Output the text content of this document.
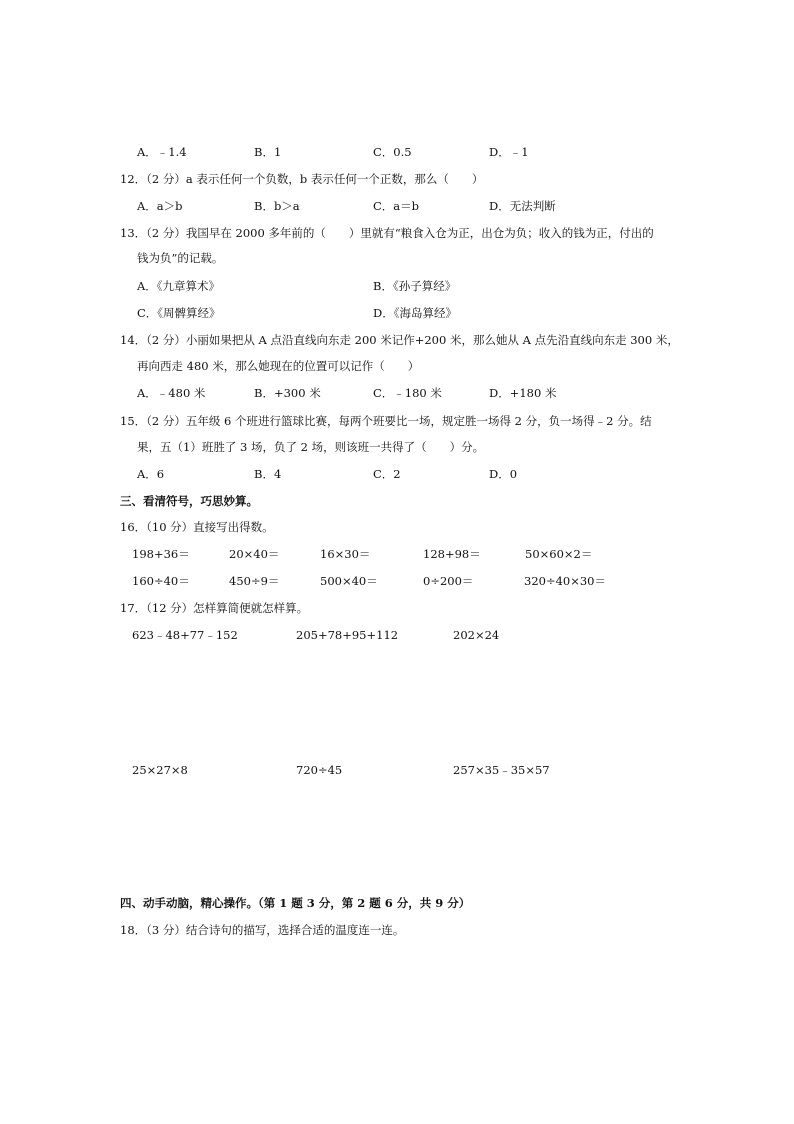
A．﹣1.4	B．1	C．0.5	D．﹣1
12．（2 分）a 表示任何一个负数，b 表示任何一个正数，那么（　　）
A．a＞b	B．b＞a	C．a＝b	D．无法判断
13．（2 分）我国早在 2000 多年前的（　　）里就有“粮食入仓为正，出仓为负；收入的钱为正，付出的
钱为负”的记载。
A．《九章算术》	B．《孙子算经》
C．《周髀算经》	D．《海岛算经》
14．（2 分）小丽如果把从 A 点沿直线向东走 200 米记作+200 米，那么她从 A 点先沿直线向东走 300 米，
再向西走 480 米，那么她现在的位置可以记作（　　）
A．﹣480 米	B．+300 米	C．﹣180 米	D．+180 米
15．（2 分）五年级 6 个班进行篮球比赛，每两个班要比一场，规定胜一场得 2 分，负一场得﹣2 分。结
果，五（1）班胜了 3 场，负了 2 场，则该班一共得了（　　）分。
A．6	B．4	C．2	D．0
三、看清符号，巧思妙算。
16．（10 分）直接写出得数。
198+36＝	20×40＝	16×30＝	128+98＝	50×60×2＝
160÷40＝	450÷9＝	500×40＝	0÷200＝	320÷40×30＝
17．（12 分）怎样算简便就怎样算。
623﹣48+77﹣152	205+78+95+112	202×24
25×27×8	720÷45	257×35﹣35×57
四、动手动脑，精心操作。（第 1 题 3 分，第 2 题 6 分，共 9 分）
18．（3 分）结合诗句的描写，选择合适的温度连一连。
